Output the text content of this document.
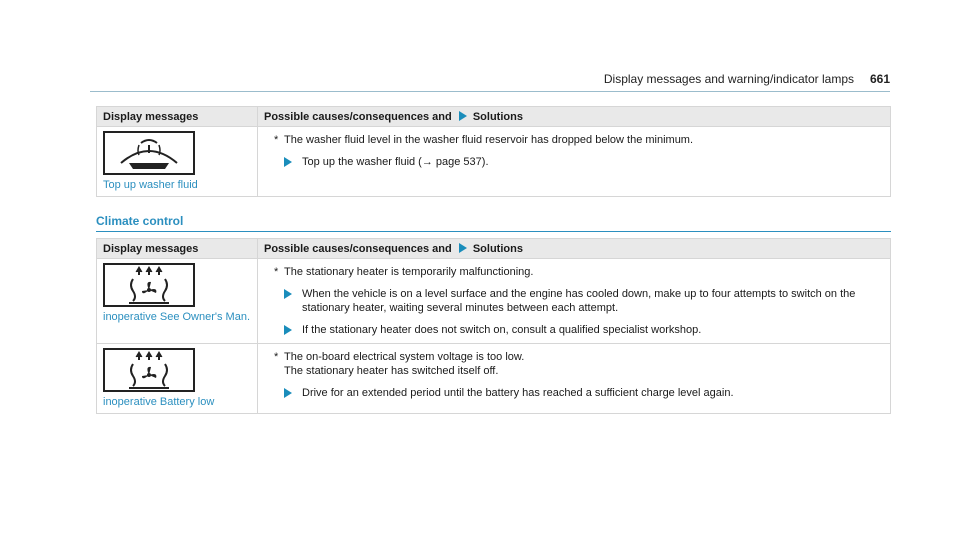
Display messages and warning/indicator lamps 661
Display messages	Possible causes/consequences and Solutions

Top up washer fluid	* The washer fluid level in the washer fluid reservoir has dropped below the minimum.

Top up the washer fluid (→ page 537).
Climate control
Display messages	Possible causes/consequences and Solutions

inoperative See Owner's Man.	* The stationary heater is temporarily malfunctioning.

When the vehicle is on a level surface and the engine has cooled down, make up to four attempts to switch on the stationary heater, waiting several minutes between each attempt.
If the stationary heater does not switch on, consult a qualified specialist workshop.

inoperative Battery low	* The on-board electrical system voltage is too low.

The stationary heater has switched itself off.

Drive for an extended period until the battery has reached a sufficient charge level again.
